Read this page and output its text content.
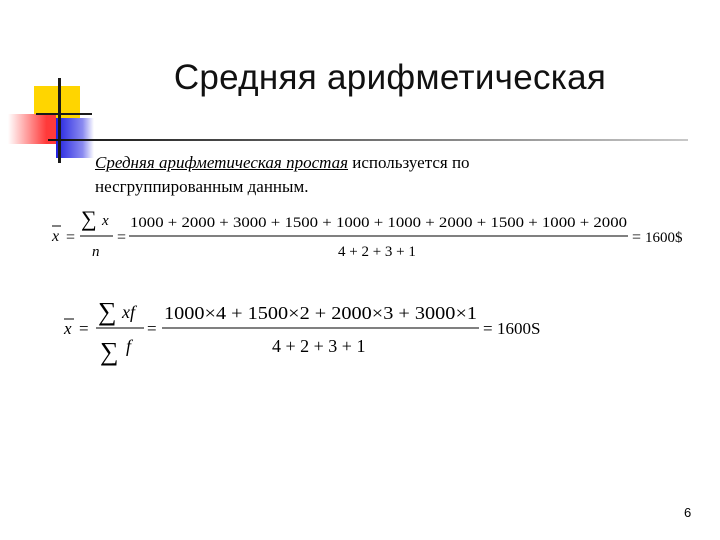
Средняя арифметическая
Средняя арифметическая простая используется по
несгруппированным данным.
x =
∑ x
n
=
1000 + 2000 + 3000 + 1500 + 1000 + 1000 + 2000 + 1500 + 1000 + 2000
4 + 2 + 3 + 1
= 1600$
x =
∑ xf
∑ f
=
1000×4 + 1500×2 + 2000×3 + 3000×1
4 + 2 + 3 + 1
= 1600S
6
